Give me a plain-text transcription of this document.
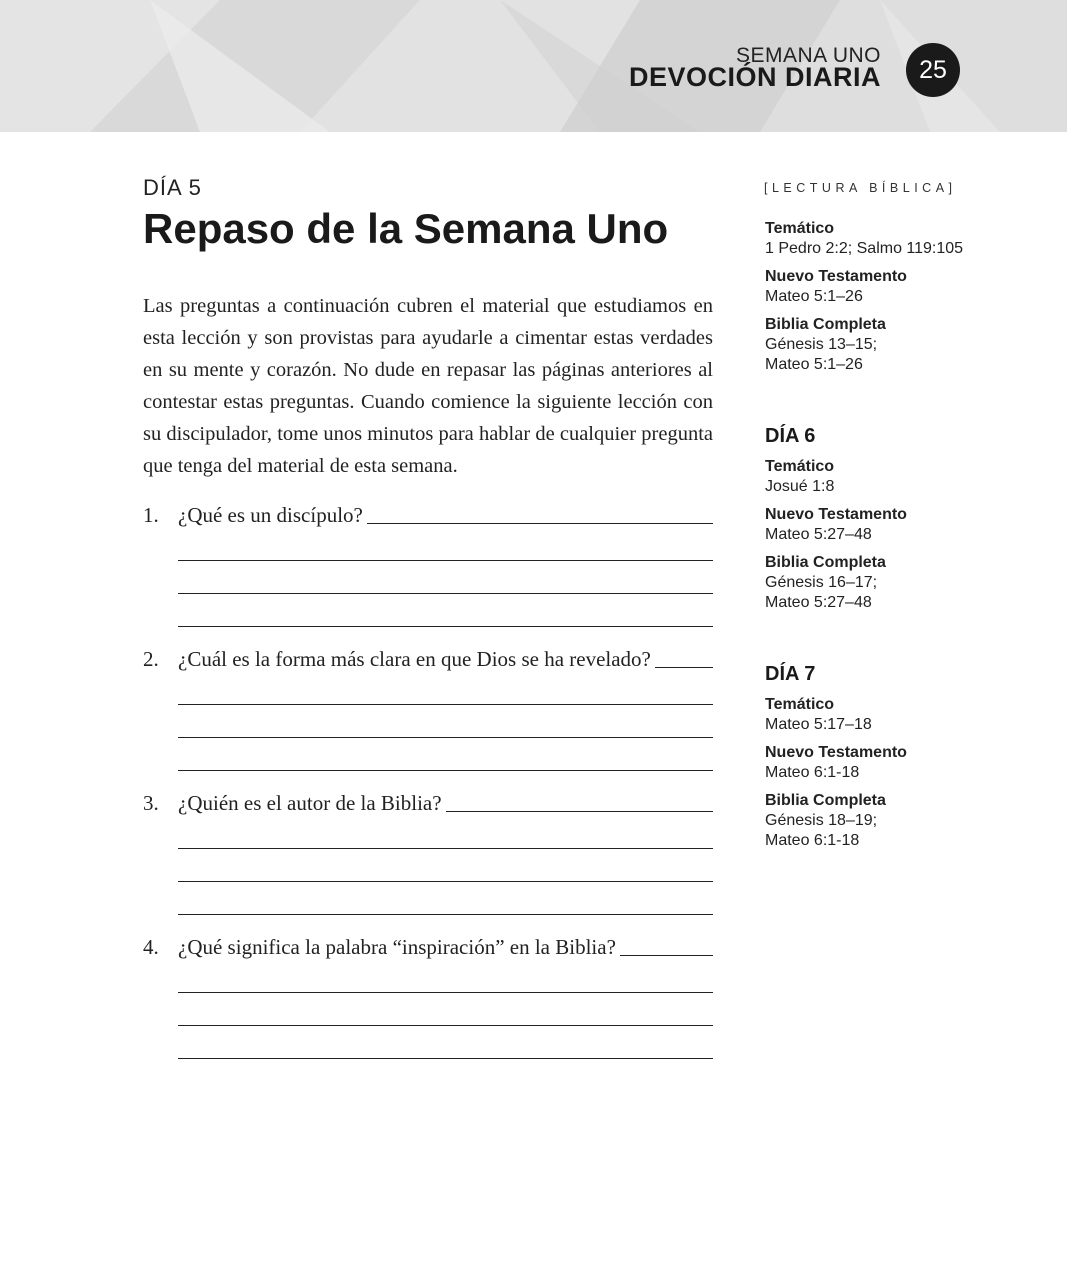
SEMANA UNO
DEVOCIÓN DIARIA	25
DÍA 5
Repaso de la Semana Uno

Las preguntas a continuación cubren el material que estudiamos en esta lección y son provistas para ayudarle a cimentar estas verdades en su mente y corazón. No dude en repasar las páginas anteriores al contestar estas preguntas. Cuando comience la siguiente lección con su discipulador, tome unos minutos para hablar de cualquier pregunta que tenga del material de esta semana.

1. ¿Qué es un discípulo?
2. ¿Cuál es la forma más clara en que Dios se ha revelado?
3. ¿Quién es el autor de la Biblia?
4. ¿Qué significa la palabra “inspiración” en la Biblia?
[LECTURA BÍBLICA]
Temático
1 Pedro 2:2; Salmo 119:105
Nuevo Testamento
Mateo 5:1–26
Biblia Completa
Génesis 13–15;
Mateo 5:1–26
DÍA 6
Temático
Josué 1:8
Nuevo Testamento
Mateo 5:27–48
Biblia Completa
Génesis 16–17;
Mateo 5:27–48
DÍA 7
Temático
Mateo 5:17–18
Nuevo Testamento
Mateo 6:1-18
Biblia Completa
Génesis 18–19;
Mateo 6:1-18
